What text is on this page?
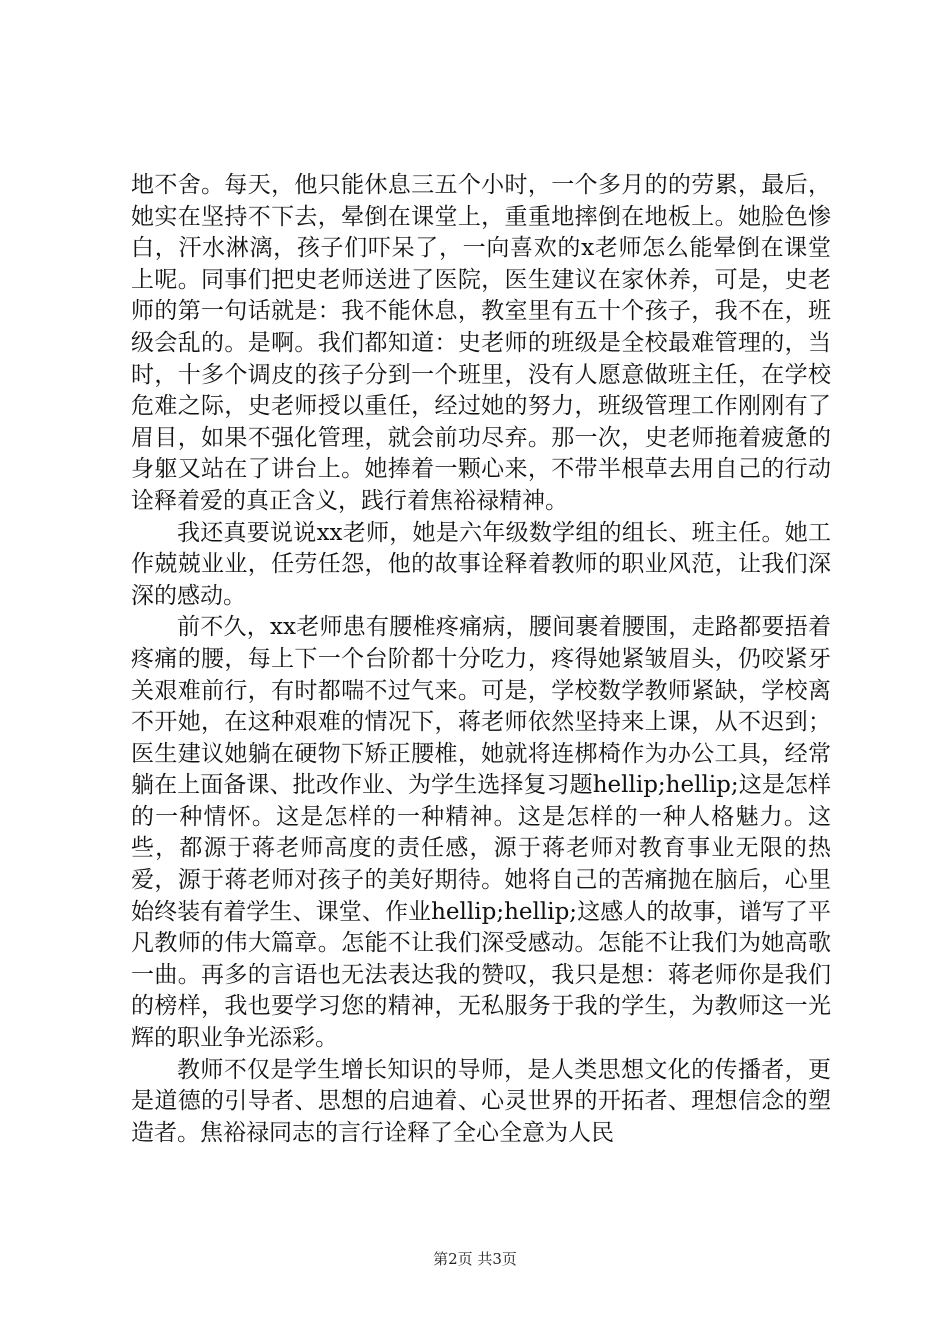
地不舍。每天，他只能休息三五个小时，一个多月的的劳累，最后，她实在坚持不下去，晕倒在课堂上，重重地摔倒在地板上。她脸色惨白，汗水淋漓，孩子们吓呆了，一向喜欢的x老师怎么能晕倒在课堂上呢。同事们把史老师送进了医院，医生建议在家休养，可是，史老师的第一句话就是：我不能休息，教室里有五十个孩子，我不在，班级会乱的。是啊。我们都知道：史老师的班级是全校最难管理的，当时，十多个调皮的孩子分到一个班里，没有人愿意做班主任，在学校危难之际，史老师授以重任，经过她的努力，班级管理工作刚刚有了眉目，如果不强化管理，就会前功尽弃。那一次，史老师拖着疲惫的身躯又站在了讲台上。她捧着一颗心来，不带半根草去用自己的行动诠释着爱的真正含义，践行着焦裕禄精神。

我还真要说说xx老师，她是六年级数学组的组长、班主任。她工作兢兢业业，任劳任怨，他的故事诠释着教师的职业风范，让我们深深的感动。

前不久，xx老师患有腰椎疼痛病，腰间裹着腰围，走路都要捂着疼痛的腰，每上下一个台阶都十分吃力，疼得她紧皱眉头，仍咬紧牙关艰难前行，有时都喘不过气来。可是，学校数学教师紧缺，学校离不开她，在这种艰难的情况下，蒋老师依然坚持来上课，从不迟到；医生建议她躺在硬物下矫正腰椎，她就将连梆椅作为办公工具，经常躺在上面备课、批改作业、为学生选择复习题hellip;hellip;这是怎样的一种情怀。这是怎样的一种精神。这是怎样的一种人格魅力。这些，都源于蒋老师高度的责任感，源于蒋老师对教育事业无限的热爱，源于蒋老师对孩子的美好期待。她将自己的苦痛抛在脑后，心里始终装有着学生、课堂、作业hellip;hellip;这感人的故事，谱写了平凡教师的伟大篇章。怎能不让我们深受感动。怎能不让我们为她高歌一曲。再多的言语也无法表达我的赞叹，我只是想：蒋老师你是我们的榜样，我也要学习您的精神，无私服务于我的学生，为教师这一光辉的职业争光添彩。

教师不仅是学生增长知识的导师，是人类思想文化的传播者，更是道德的引导者、思想的启迪着、心灵世界的开拓者、理想信念的塑造者。焦裕禄同志的言行诠释了全心全意为人民

第2页 共3页
